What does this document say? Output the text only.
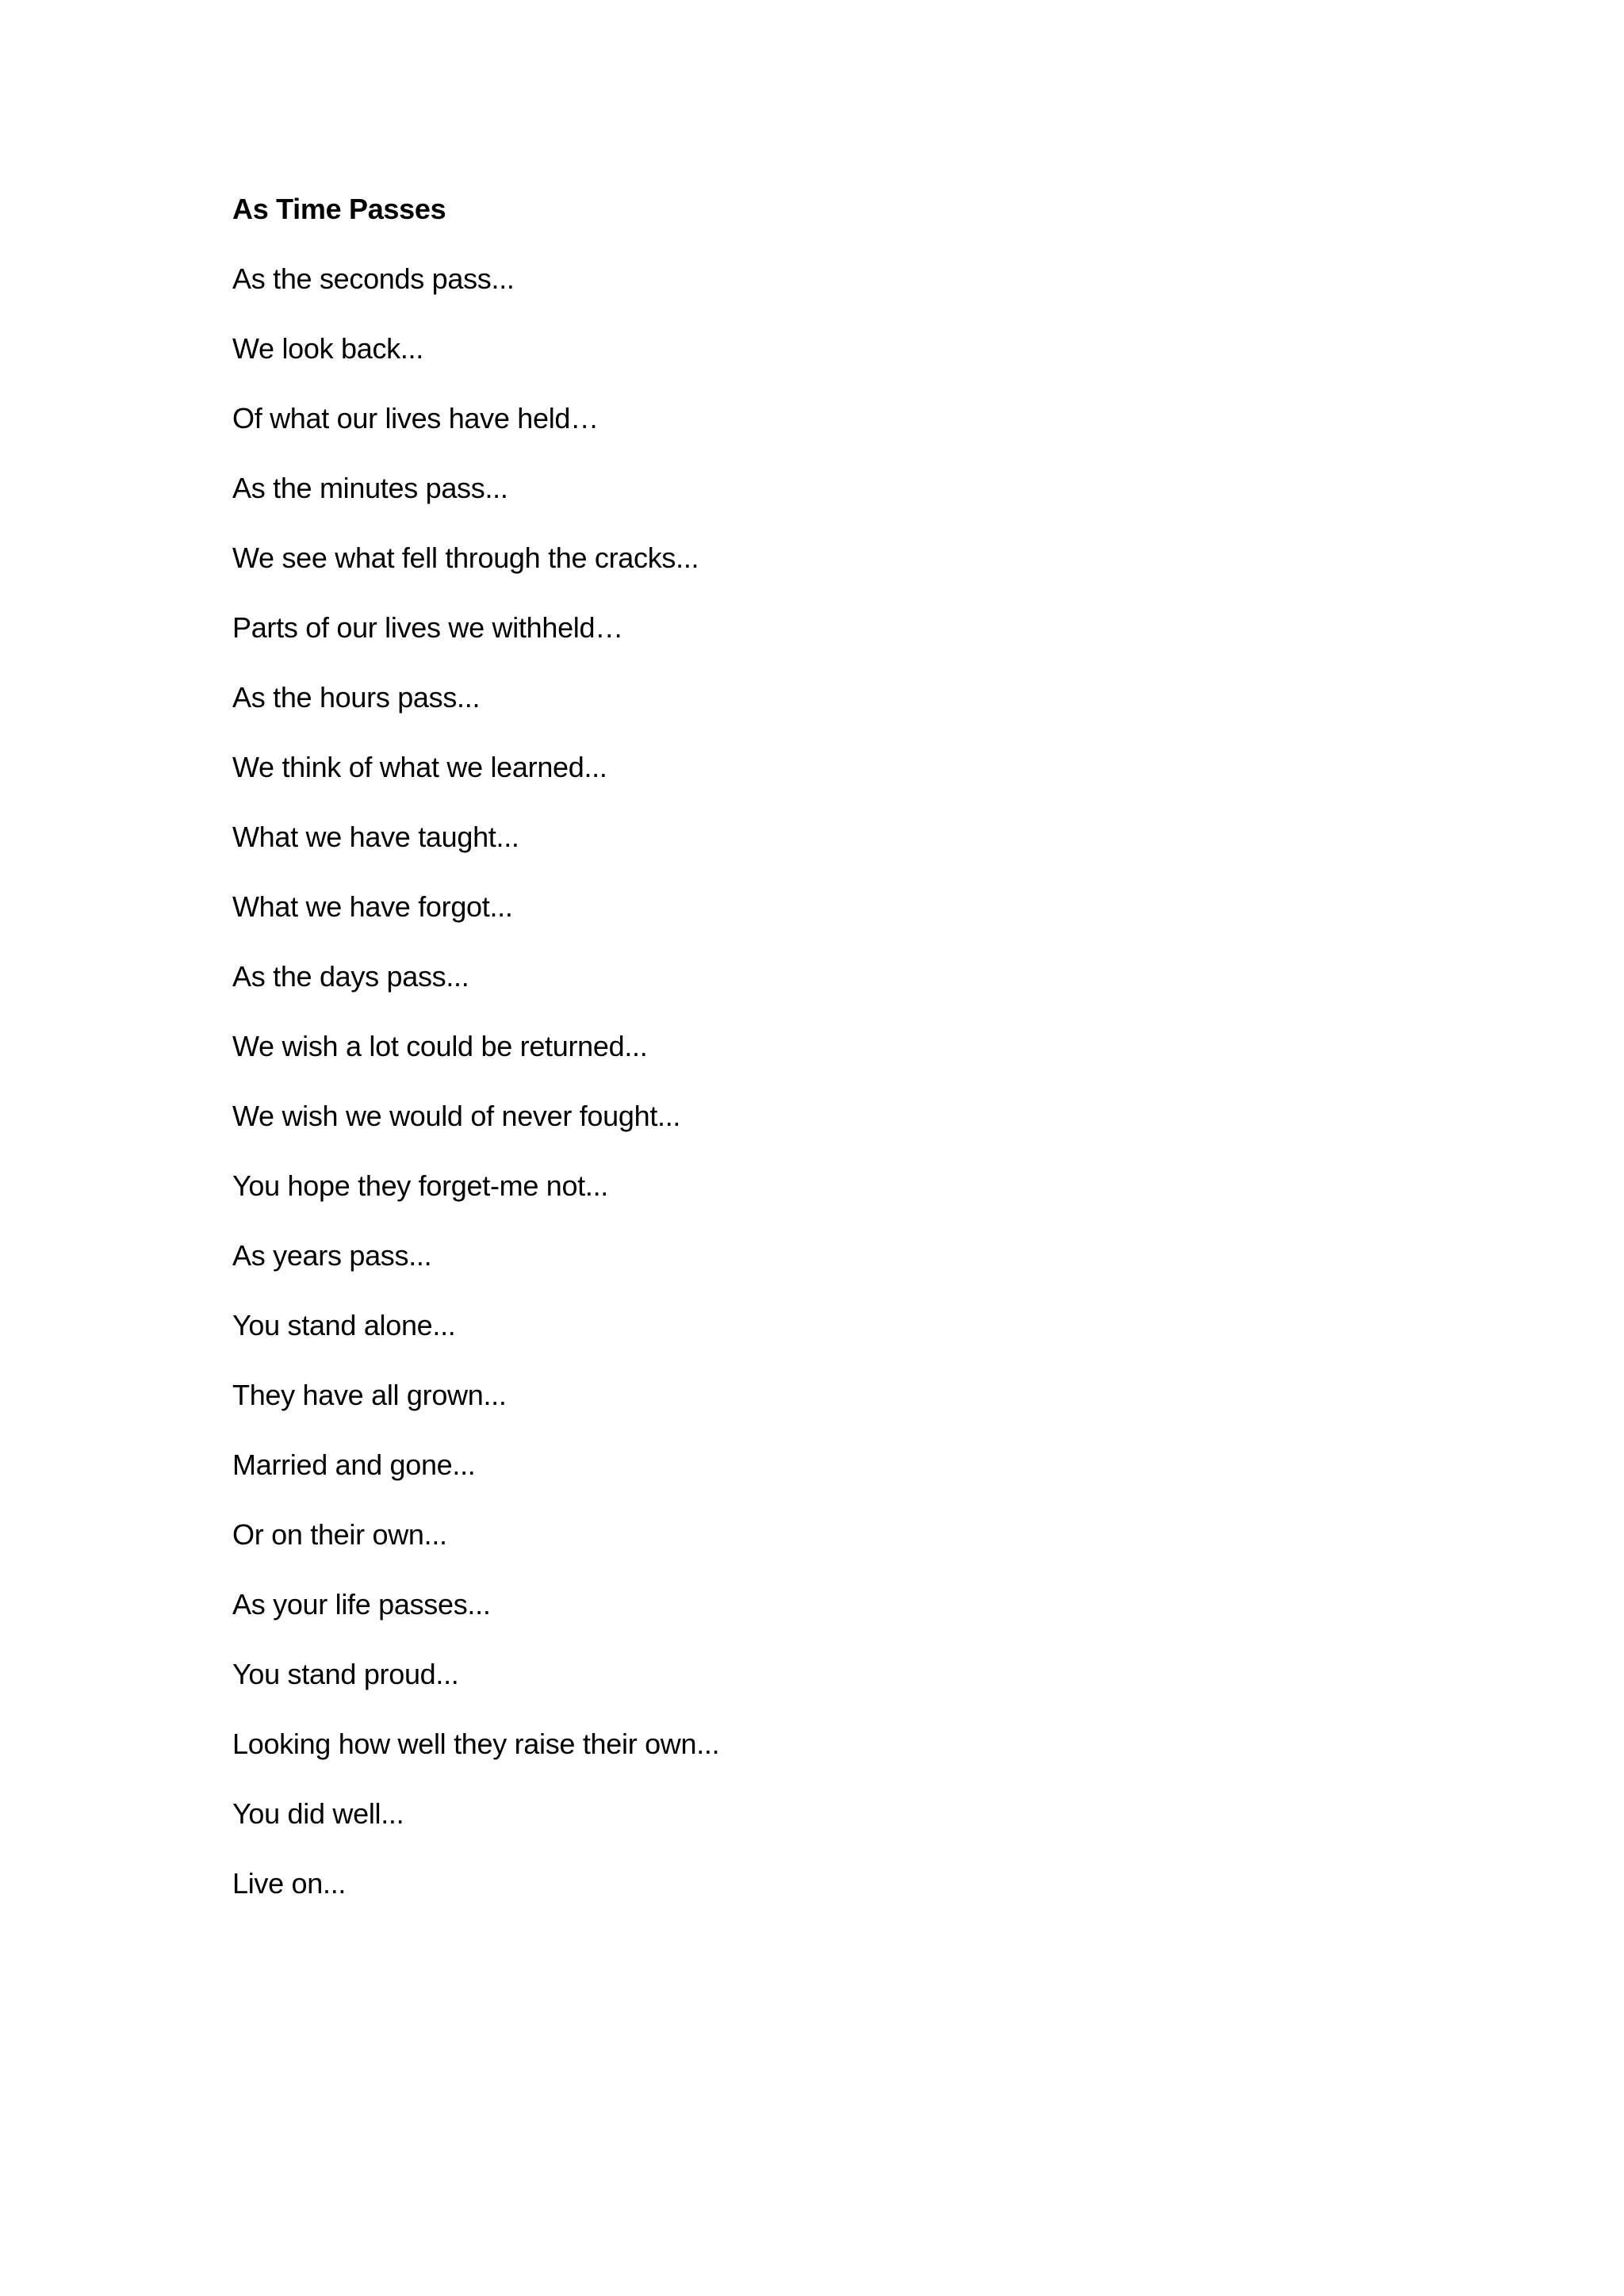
As Time Passes

As the seconds pass...

We look back...

Of what our lives have held…

As the minutes pass...

We see what fell through the cracks...

Parts of our lives we withheld…

As the hours pass...

We think of what we learned...

What we have taught...

What we have forgot...

As the days pass...

We wish a lot could be returned...

We wish we would of never fought...

You hope they forget-me not...

As years pass...

You stand alone...

They have all grown...

Married and gone...

Or on their own...

As your life passes...

You stand proud...

Looking how well they raise their own...

You did well...

Live on...
